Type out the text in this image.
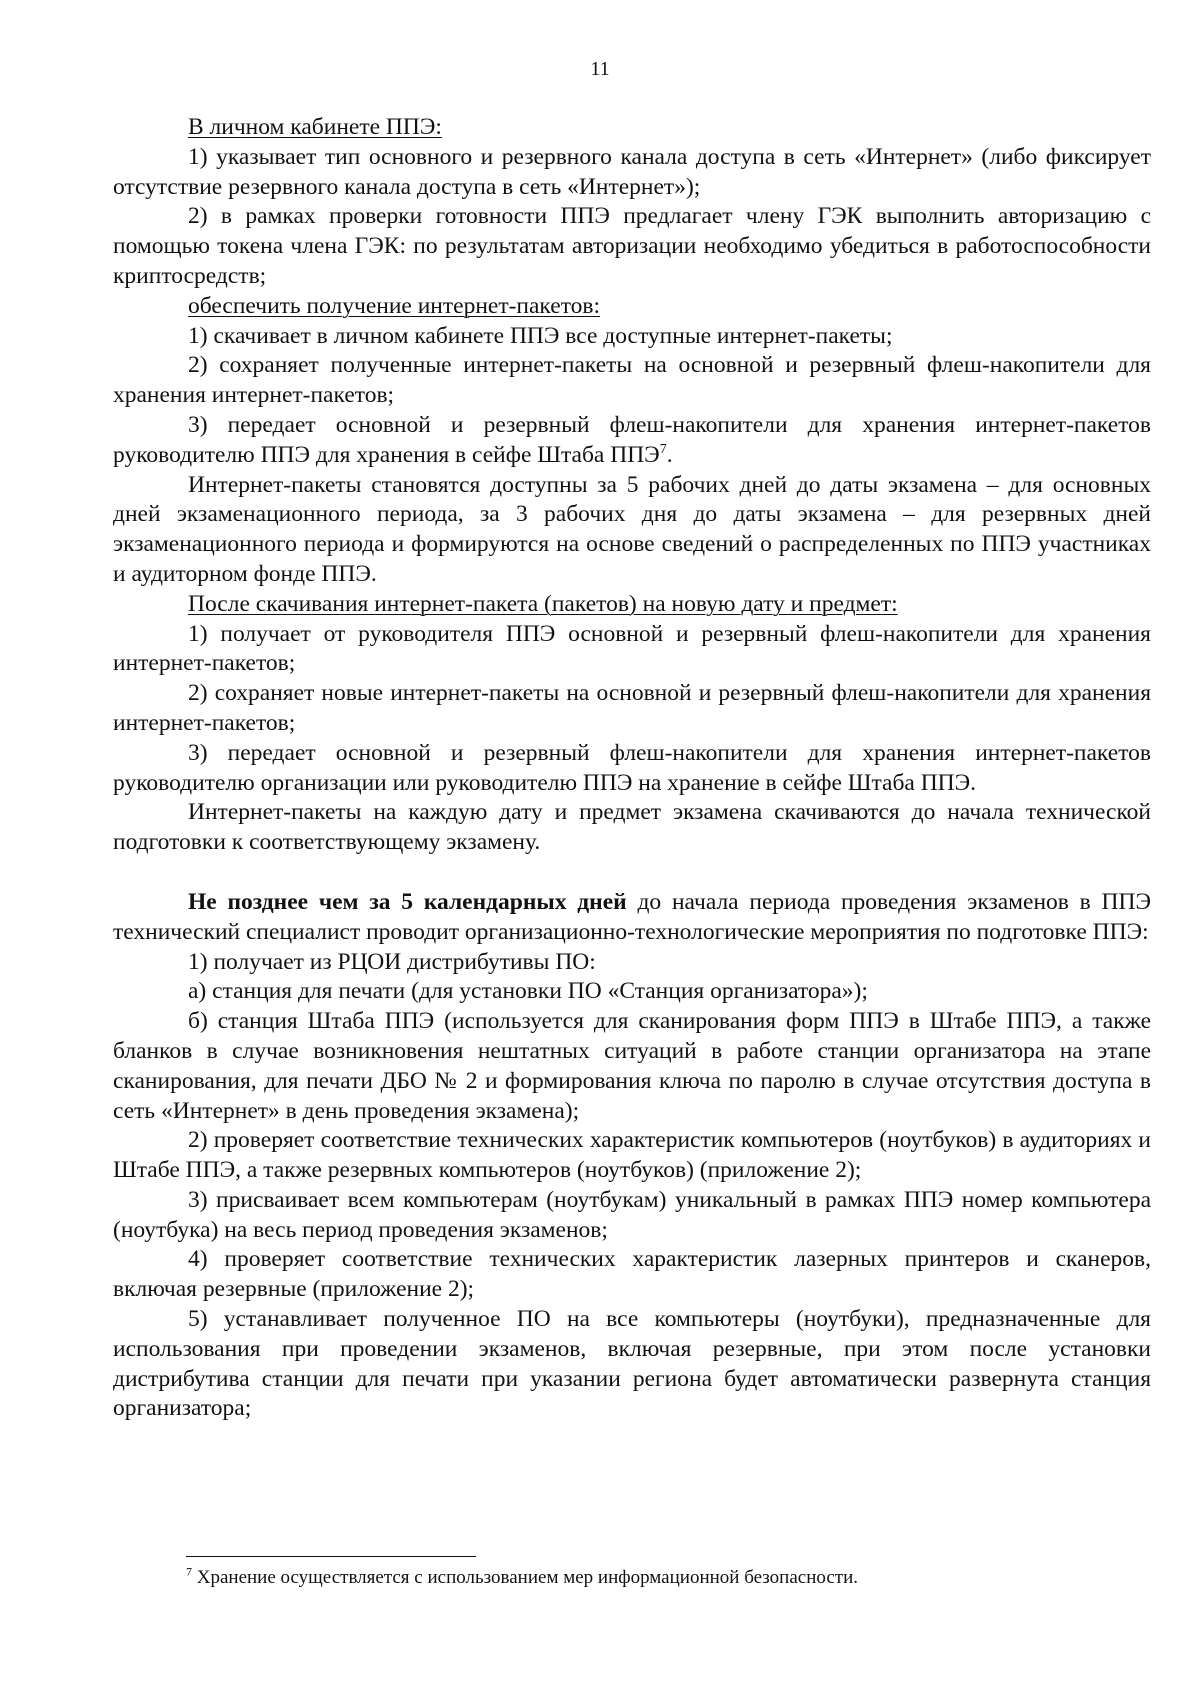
11

В личном кабинете ППЭ:

1) указывает тип основного и резервного канала доступа в сеть «Интернет» (либо фиксирует отсутствие резервного канала доступа в сеть «Интернет»);

2) в рамках проверки готовности ППЭ предлагает члену ГЭК выполнить авторизацию с помощью токена члена ГЭК: по результатам авторизации необходимо убедиться в работоспособности криптосредств;

обеспечить получение интернет-пакетов:

1) скачивает в личном кабинете ППЭ все доступные интернет-пакеты;

2) сохраняет полученные интернет-пакеты на основной и резервный флеш-накопители для хранения интернет-пакетов;

3) передает основной и резервный флеш-накопители для хранения интернет-пакетов руководителю ППЭ для хранения в сейфе Штаба ППЭ$^7$.

Интернет-пакеты становятся доступны за 5 рабочих дней до даты экзамена – для основных дней экзаменационного периода, за 3 рабочих дня до даты экзамена – для резервных дней экзаменационного периода и формируются на основе сведений о распределенных по ППЭ участниках и аудиторном фонде ППЭ.

После скачивания интернет-пакета (пакетов) на новую дату и предмет:

1) получает от руководителя ППЭ основной и резервный флеш-накопители для хранения интернет-пакетов;

2) сохраняет новые интернет-пакеты на основной и резервный флеш-накопители для хранения интернет-пакетов;

3) передает основной и резервный флеш-накопители для хранения интернет-пакетов руководителю организации или руководителю ППЭ на хранение в сейфе Штаба ППЭ.

Интернет-пакеты на каждую дату и предмет экзамена скачиваются до начала технической подготовки к соответствующему экзамену.

Не позднее чем за 5 календарных дней до начала периода проведения экзаменов в ППЭ технический специалист проводит организационно-технологические мероприятия по подготовке ППЭ:

1) получает из РЦОИ дистрибутивы ПО:

а) станция для печати (для установки ПО «Станция организатора»);

б) станция Штаба ППЭ (используется для сканирования форм ППЭ в Штабе ППЭ, а также бланков в случае возникновения нештатных ситуаций в работе станции организатора на этапе сканирования, для печати ДБО № 2 и формирования ключа по паролю в случае отсутствия доступа в сеть «Интернет» в день проведения экзамена);

2) проверяет соответствие технических характеристик компьютеров (ноутбуков) в аудиториях и Штабе ППЭ, а также резервных компьютеров (ноутбуков) (приложение 2);

3) присваивает всем компьютерам (ноутбукам) уникальный в рамках ППЭ номер компьютера (ноутбука) на весь период проведения экзаменов;

4) проверяет соответствие технических характеристик лазерных принтеров и сканеров, включая резервные (приложение 2);

5) устанавливает полученное ПО на все компьютеры (ноутбуки), предназначенные для использования при проведении экзаменов, включая резервные, при этом после установки дистрибутива станции для печати при указании региона будет автоматически развернута станция организатора;

$^7$ Хранение осуществляется с использованием мер информационной безопасности.
